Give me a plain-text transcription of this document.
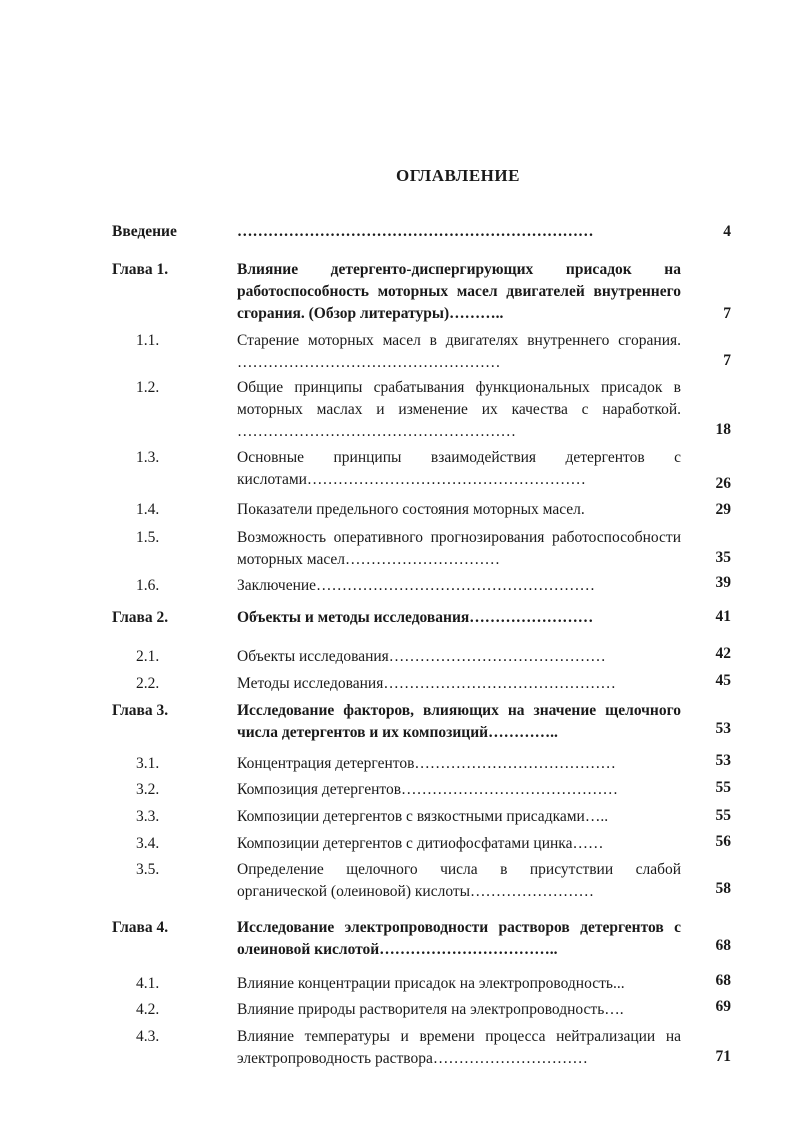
ОГЛАВЛЕНИЕ
Введение	……………………………………………………………	4
Глава 1.	Влияние детергенто-диспергирующих присадок на работоспособность моторных масел двигателей внутреннего сгорания. (Обзор литературы)………..	7
1.1.	Старение моторных масел в двигателях внутреннего сгорания. ……………………………………………	7
1.2.	Общие принципы срабатывания функциональных присадок в моторных маслах и изменение их качества с наработкой. ………………………………………………	18
1.3.	Основные принципы взаимодействия детергентов с кислотами………………………………………………	26
1.4.	Показатели предельного состояния моторных масел.	29
1.5.	Возможность оперативного прогнозирования работоспособности моторных масел…………………………	35
1.6.	Заключение………………………………………………	39
Глава 2.	Объекты и методы исследования……………………	41
2.1.	Объекты исследования……………………………………	42
2.2.	Методы исследования………………………………………	45
Глава 3.	Исследование факторов, влияющих на значение щелочного числа детергентов и их композиций…………..	53
3.1.	Концентрация детергентов…………………………………	53
3.2.	Композиция детергентов……………………………………	55
3.3.	Композиции детергентов с вязкостными присадками…..	55
3.4.	Композиции детергентов с дитиофосфатами цинка……	56
3.5.	Определение щелочного числа в присутствии слабой органической (олеиновой) кислоты……………………	58
Глава 4.	Исследование электропроводности растворов детергентов с олеиновой кислотой……………………………..	68
4.1.	Влияние концентрации присадок на электропроводность...	68
4.2.	Влияние природы растворителя на электропроводность….	69
4.3.	Влияние температуры и времени процесса нейтрализации на электропроводность раствора…………………………	71
